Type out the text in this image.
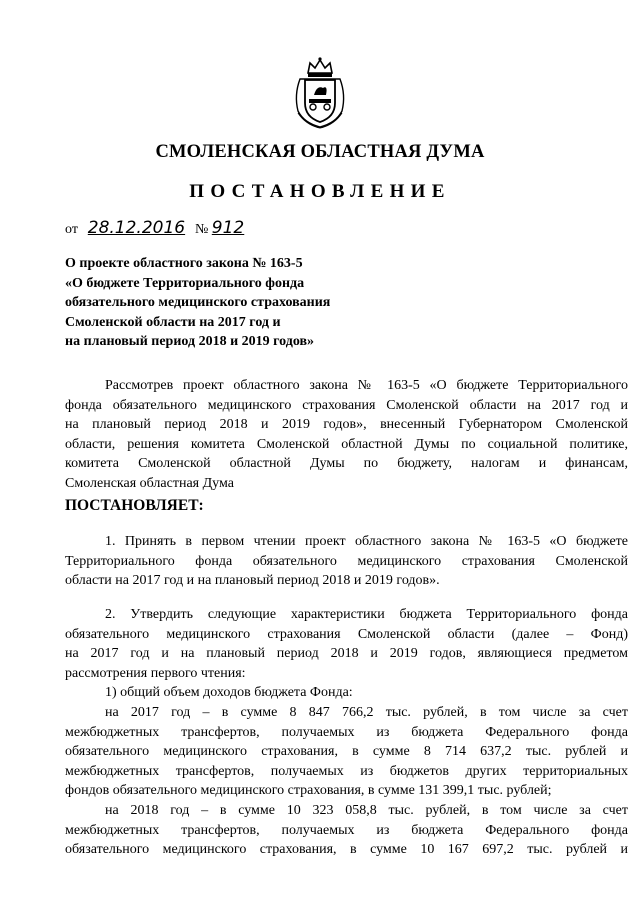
СМОЛЕНСКАЯ ОБЛАСТНАЯ ДУМА
ПОСТАНОВЛЕНИЕ
от 28.12.2016 № 912
О проекте областного закона № 163-5
«О бюджете Территориального фонда
обязательного медицинского страхования
Смоленской области на 2017 год и
на плановый период 2018 и 2019 годов»
Рассмотрев проект областного закона № 163-5 «О бюджете Территориального
фонда обязательного медицинского страхования Смоленской области на 2017 год и
на плановый период 2018 и 2019 годов», внесенный Губернатором Смоленской
области, решения комитета Смоленской областной Думы по социальной политике,
комитета Смоленской областной Думы по бюджету, налогам и финансам,
Смоленская областная Дума
ПОСТАНОВЛЯЕТ:
1. Принять в первом чтении проект областного закона № 163-5 «О бюджете
Территориального фонда обязательного медицинского страхования Смоленской
области на 2017 год и на плановый период 2018 и 2019 годов».
2. Утвердить следующие характеристики бюджета Территориального фонда
обязательного медицинского страхования Смоленской области (далее – Фонд)
на 2017 год и на плановый период 2018 и 2019 годов, являющиеся предметом
рассмотрения первого чтения:
1) общий объем доходов бюджета Фонда:
на 2017 год – в сумме 8 847 766,2 тыс. рублей, в том числе за счет
межбюджетных трансфертов, получаемых из бюджета Федерального фонда
обязательного медицинского страхования, в сумме 8 714 637,2 тыс. рублей и
межбюджетных трансфертов, получаемых из бюджетов других территориальных
фондов обязательного медицинского страхования, в сумме 131 399,1 тыс. рублей;
на 2018 год – в сумме 10 323 058,8 тыс. рублей, в том числе за счет
межбюджетных трансфертов, получаемых из бюджета Федерального фонда
обязательного медицинского страхования, в сумме 10 167 697,2 тыс. рублей и
